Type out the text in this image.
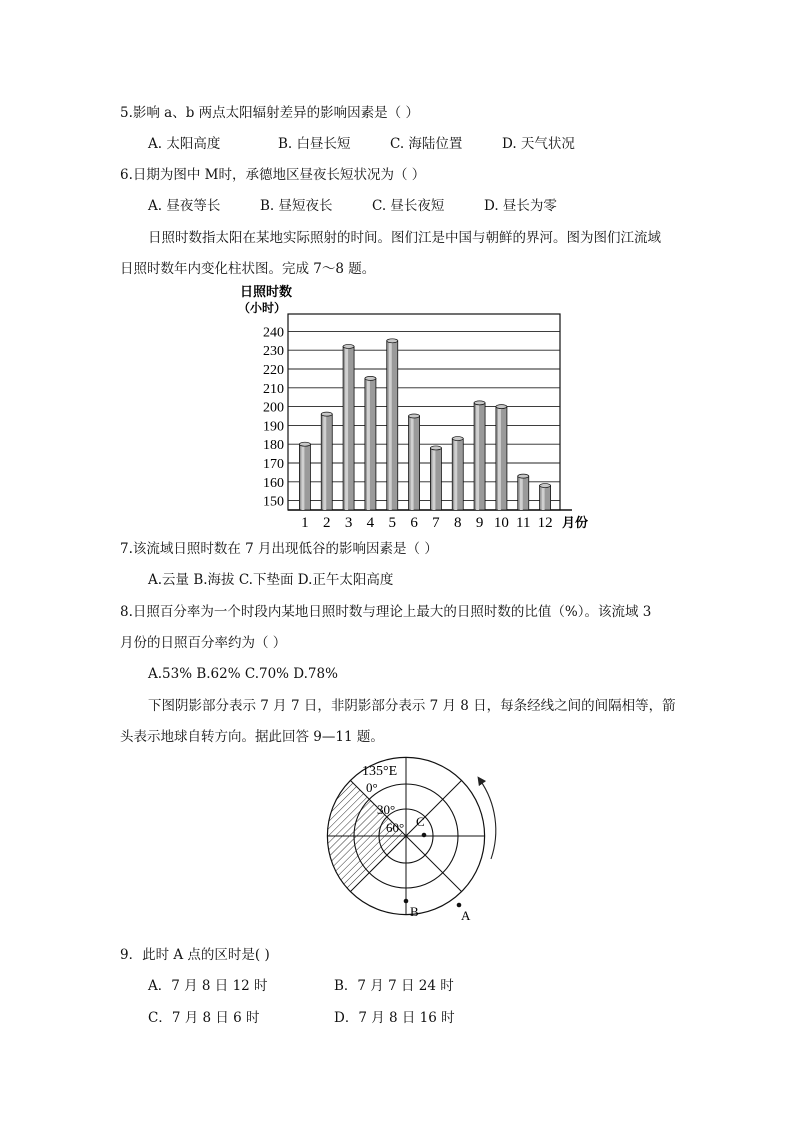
5.影响 a、b 两点太阳辐射差异的影响因素是（ ）
A. 太阳高度	B. 白昼长短	C. 海陆位置	D. 天气状况
6.日期为图中 M时，承德地区昼夜长短状况为（ ）
A. 昼夜等长	B. 昼短夜长	C. 昼长夜短	D. 昼长为零
日照时数指太阳在某地实际照射的时间。图们江是中国与朝鲜的界河。图为图们江流域
日照时数年内变化柱状图。完成 7～8 题。
150
160
170
180
190
200
210
220
230
240
日照时数
（小时）
1 2 3 4 5 6 7 8 9 10 11 12 月份
7.该流域日照时数在 7 月出现低谷的影响因素是（ ）
A.云量 B.海拔 C.下垫面 D.正午太阳高度
8.日照百分率为一个时段内某地日照时数与理论上最大的日照时数的比值（%）。该流域 3
月份的日照百分率约为（ ）
A.53% B.62% C.70% D.78%
下图阴影部分表示 7 月 7 日，非阴影部分表示 7 月 8 日，每条经线之间的间隔相等，箭
头表示地球自转方向。据此回答 9—11 题。
135°E
0°
30°
60° C
B	A
9．此时 A 点的区时是( )
A．7 月 8 日 12 时	B．7 月 7 日 24 时
C．7 月 8 日 6 时	D．7 月 8 日 16 时
